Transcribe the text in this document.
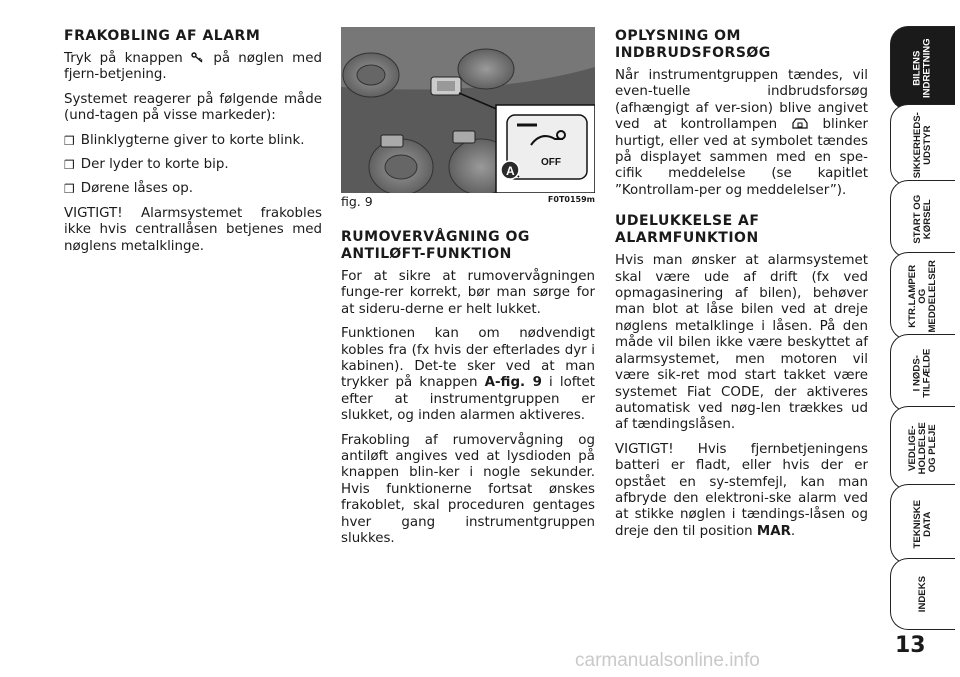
FRAKOBLING AF ALARM

Tryk på knappen på nøglen med fjern-betjening.

Systemet reagerer på følgende måde (und-tagen på visse markeder):

❒ Blinklygterne giver to korte blink.
❒ Der lyder to korte bip.
❒ Dørene låses op.

VIGTIGT! Alarmsystemet frakobles ikke hvis centrallåsen betjenes med nøglens metalklinge.

OFF
A
fig. 9	F0T0159m
RUMOVERVÅGNING OG ANTILØFT-FUNKTION

For at sikre at rumovervågningen funge-rer korrekt, bør man sørge for at sideru-derne er helt lukket.

Funktionen kan om nødvendigt kobles fra (fx hvis der efterlades dyr i kabinen). Det-te sker ved at man trykker på knappen A-fig. 9 i loftet efter at instrumentgruppen er slukket, og inden alarmen aktiveres.

Frakobling af rumovervågning og antiløft angives ved at lysdioden på knappen blin-ker i nogle sekunder. Hvis funktionerne fortsat ønskes frakoblet, skal proceduren gentages hver gang instrumentgruppen slukkes.

OPLYSNING OM INDBRUDSFORSØG

Når instrumentgruppen tændes, vil even-tuelle indbrudsforsøg (afhængigt af ver-sion) blive angivet ved at kontrollampen	blinker hurtigt, eller ved at symbolet tændes på displayet sammen med en spe-cifik meddelelse (se kapitlet ”Kontrollam-per og meddelelser”).

UDELUKKELSE AF ALARMFUNKTION

Hvis man ønsker at alarmsystemet skal være ude af drift (fx ved opmagasinering af bilen), behøver man blot at låse bilen ved at dreje nøglens metalklinge i låsen. På den måde vil bilen ikke være beskyttet af alarmsystemet, men motoren vil være sik-ret mod start takket være systemet Fiat CODE, der aktiveres automatisk ved nøg-len trækkes ud af tændingslåsen.

VIGTIGT! Hvis fjernbetjeningens batteri er fladt, eller hvis der er opstået en sy-stemfejl, kan man afbryde den elektroni-ske alarm ved at stikke nøglen i tændings-låsen og dreje den til position MAR.

BILENS
INDRETNING
SIKKERHEDS-
UDSTYR
START OG
KØRSEL
KTR.LAMPER
OG
MEDDELELSER
I NØDS-
TILFÆLDE
VEDLIGE-
HOLDELSE
OG PLEJE
TEKNISKE
DATA
INDEKS
13
carmanualsonline.info
